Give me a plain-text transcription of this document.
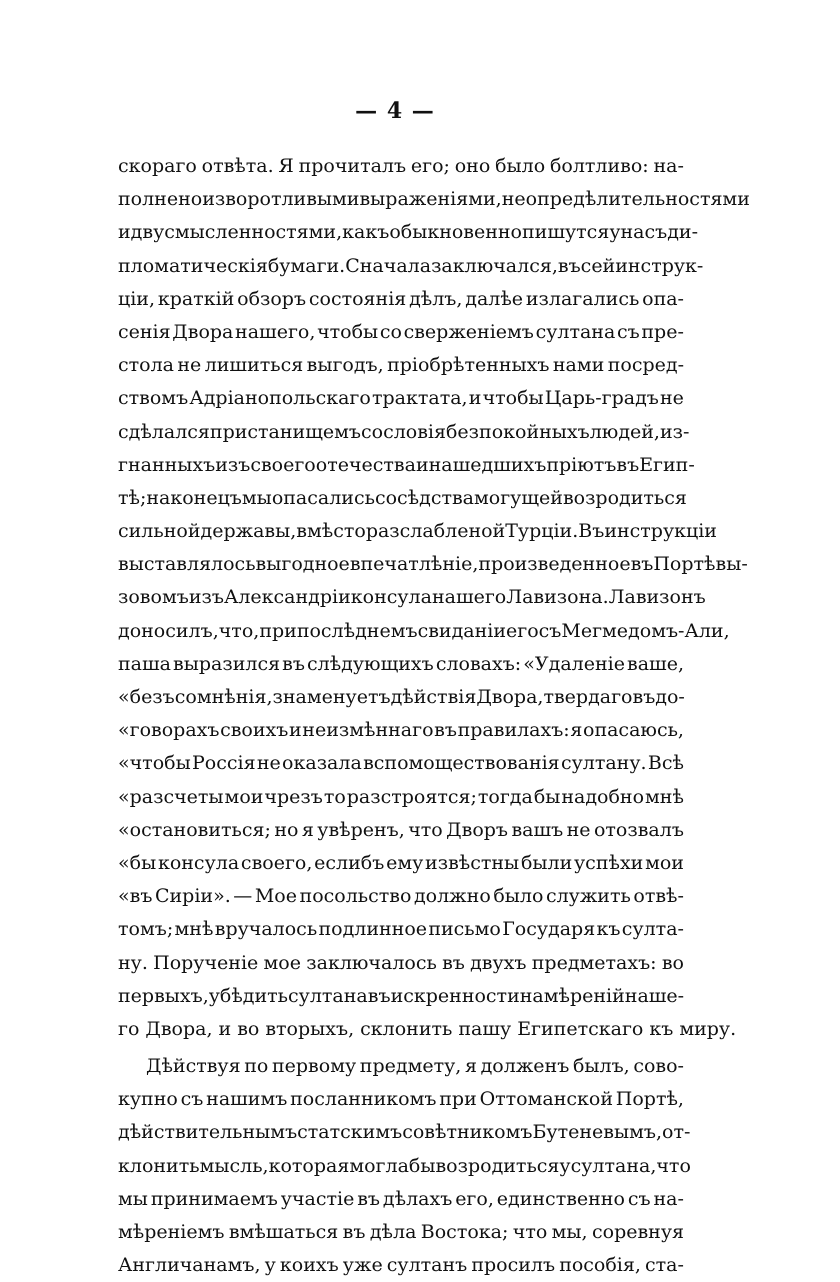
— 4 —
скораго отвѣта. Я прочиталъ его; оно было болтливо: на-
полнено изворотливыми выраженіями, неопредѣлительностями
и двусмысленностями, какъ обыкновенно пишутся у насъ ди-
пломатическія бумаги. Сначала заключался, въ сей инструк-
ціи, краткій обзоръ состоянія дѣлъ, далѣе излагались опа-
сенія Двора нашего, чтобы со сверженіемъ султана съ пре-
стола не лишиться выгодъ, пріобрѣтенныхъ нами посред-
ствомъ Адріанопольскаго трактата, и чтобы Царь-градъ не
сдѣлался пристанищемъ сословія безпокойныхъ людей, из-
гнанныхъ изъ своего отечества и нашедшихъ пріютъ въ Егип-
тѣ; наконецъ мы опасались сосѣдства могущей возродиться
сильной державы, вмѣсто разслабленой Турціи. Въ инструкціи
выставлялось выгодное впечатлѣніе, произведенное въ Портѣ вы-
зовомъ изъ Александріи консула нашего Лавизона. Лавизонъ
доносилъ, что, при послѣднемъ свиданіи его съ Мегмедомъ-Али,
паша выразился въ слѣдующихъ словахъ: «Удаленіе ваше,
«безъ сомнѣнія, знаменуетъ дѣйствія Двора, твердаго въ до-
«говорахъ своихъ и неизмѣннаго въ правилахъ: я опасаюсь,
«чтобы Россія не оказала вспомоществованія султану. Всѣ
«разсчеты мои чрезъ то разстроятся; тогда бы надобно мнѣ
«остановиться; но я увѣренъ, что Дворъ вашъ не отозвалъ
«бы консула своего, еслибъ ему извѣстны были успѣхи мои
«въ Сиріи». — Мое посольство должно было служить отвѣ-
томъ; мнѣ вручалось подлинное письмо Государя къ султа-
ну. Порученіе мое заключалось въ двухъ предметахъ: во
первыхъ, убѣдить султана въ искренности намѣреній наше-
го Двора, и во вторыхъ, склонить пашу Египетскаго къ миру.
Дѣйствуя по первому предмету, я долженъ былъ, сово-
купно съ нашимъ посланникомъ при Оттоманской Портѣ,
дѣйствительнымъ статскимъ совѣтникомъ Бутеневымъ, от-
клонить мысль, которая могла бы возродиться у султана, что
мы принимаемъ участіе въ дѣлахъ его, единственно съ на-
мѣреніемъ вмѣшаться въ дѣла Востока; что мы, соревнуя
Англичанамъ, у коихъ уже султанъ просилъ пособія, ста-
